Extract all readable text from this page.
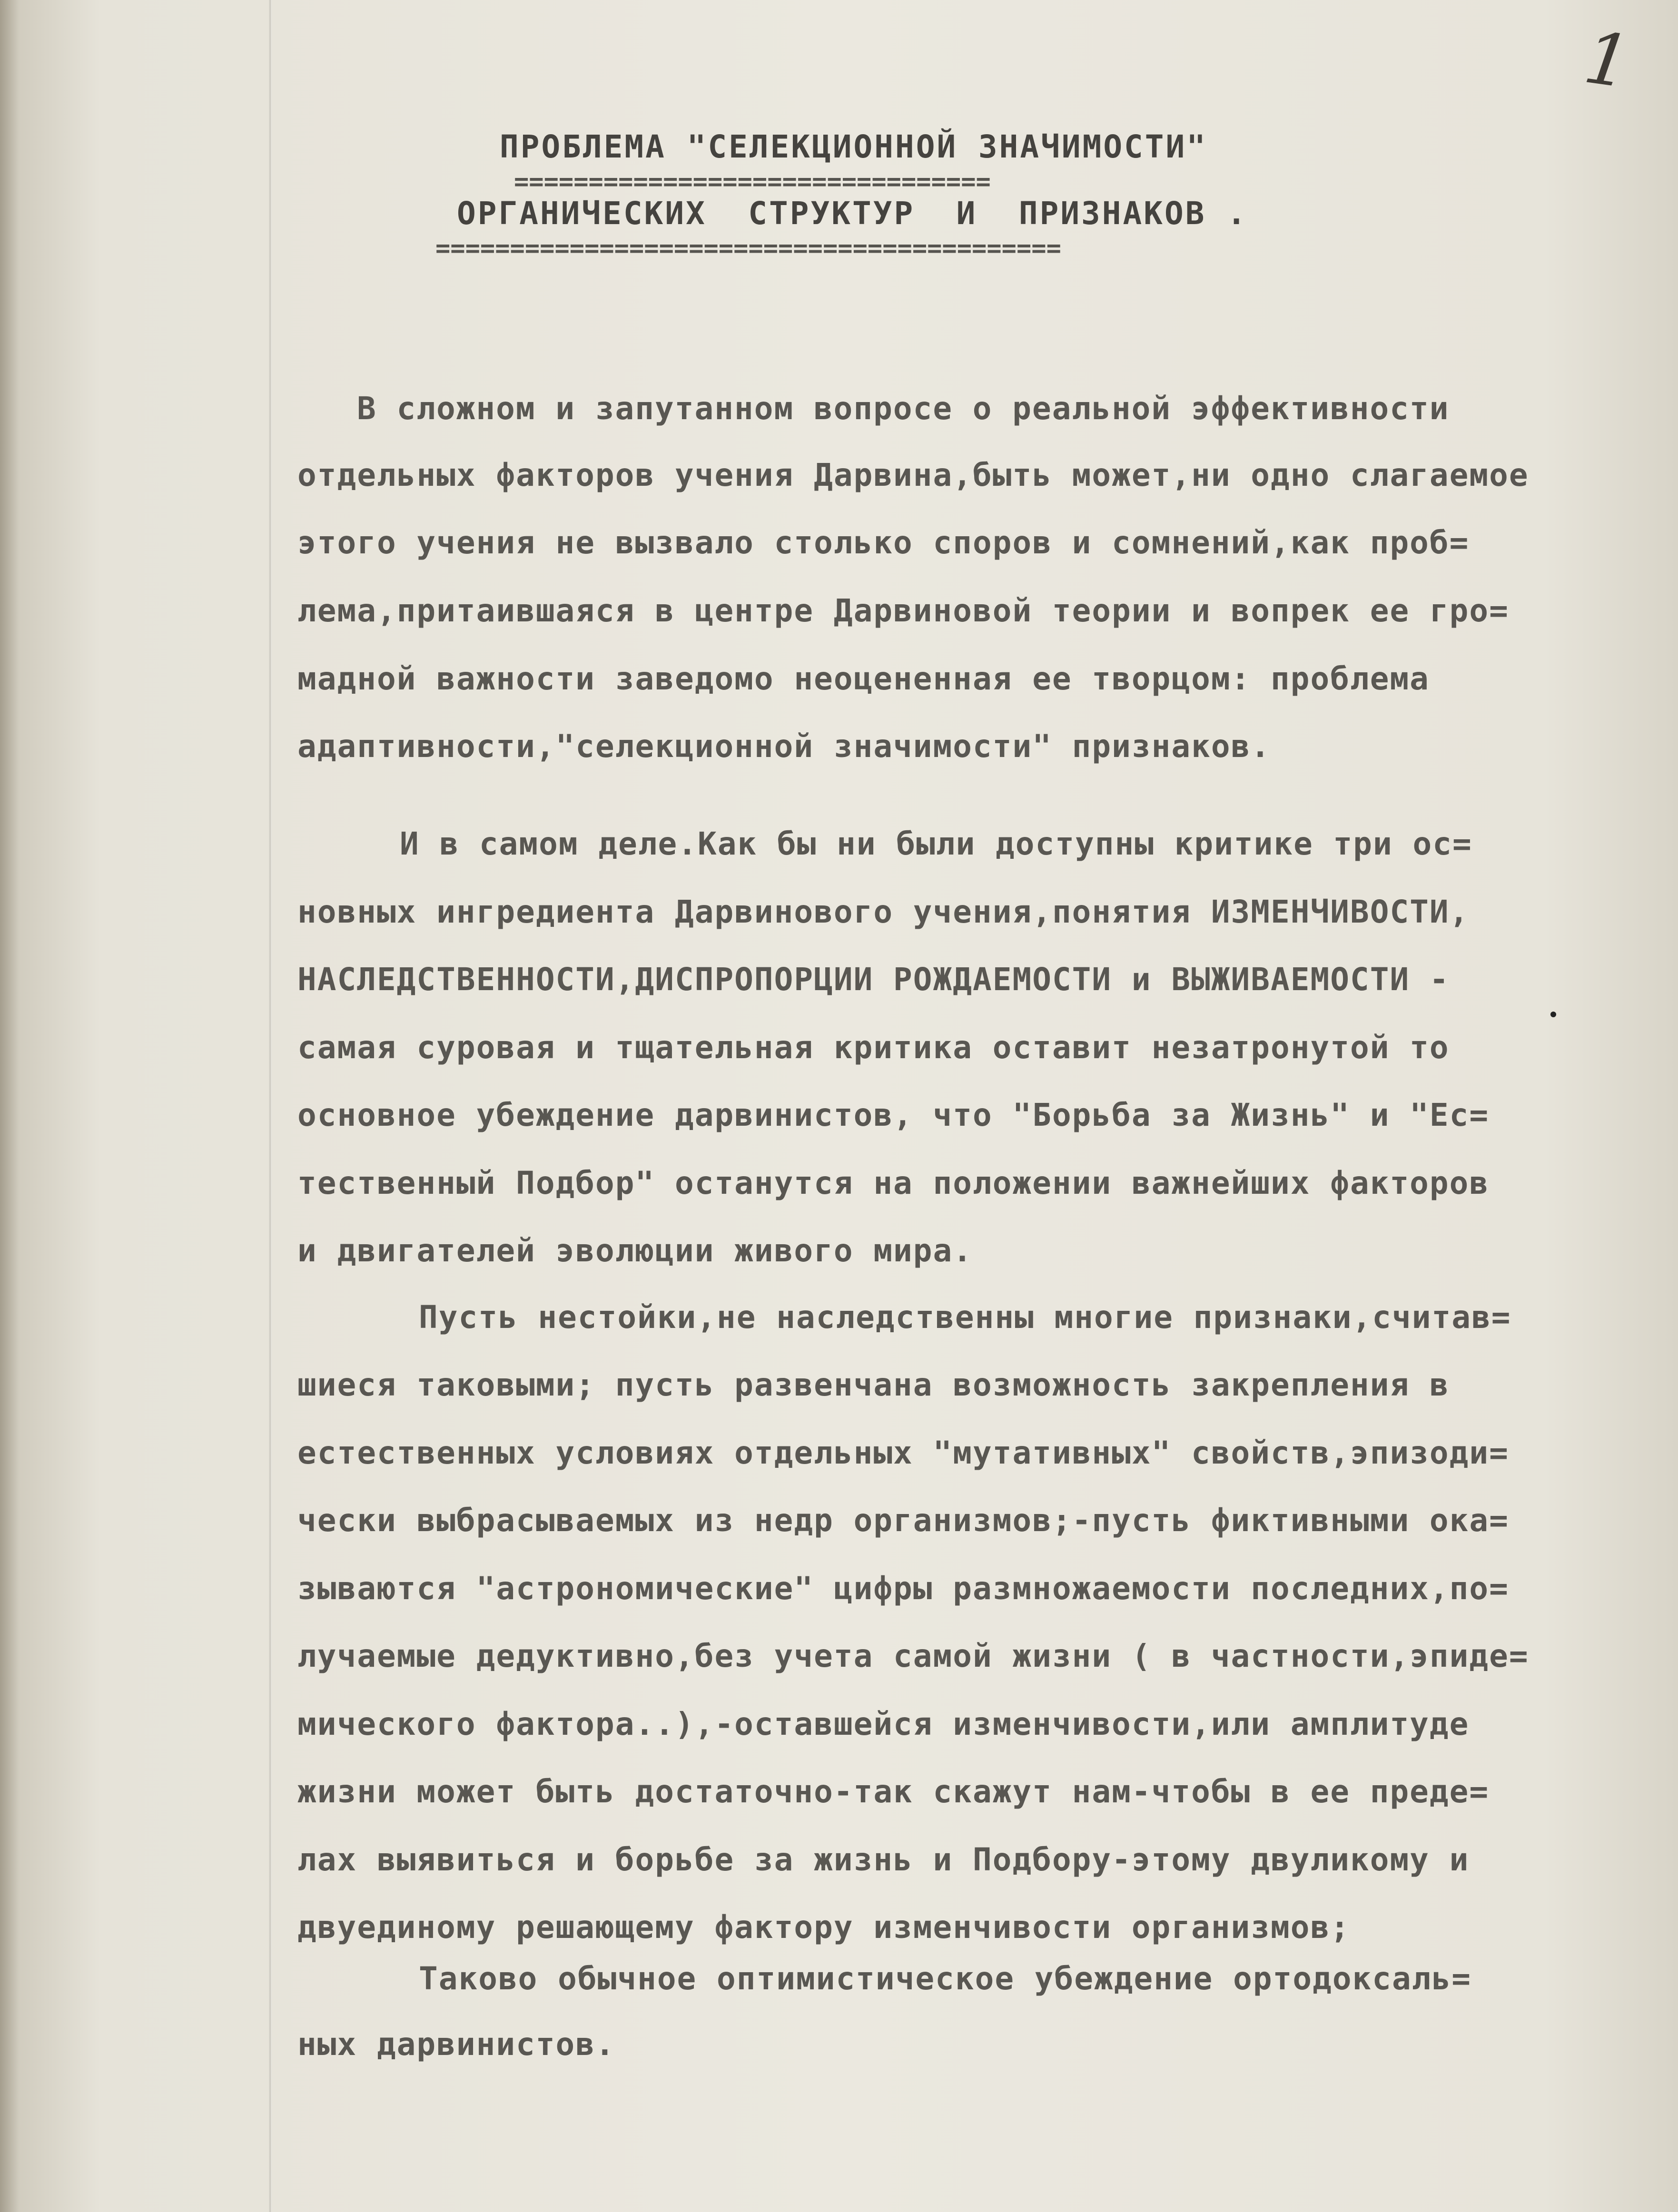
1
ПРОБЛЕМА "СЕЛЕКЦИОННОЙ ЗНАЧИМОСТИ"
================================
ОРГАНИЧЕСКИХ  СТРУКТУР  И  ПРИЗНАКОВ .
==========================================
В сложном и запутанном вопросе о реальной эффективности
отдельных факторов учения Дарвина,быть может,ни одно слагаемое
этого учения не вызвало столько споров и сомнений,как проб=
лема,притаившаяся в центре Дарвиновой теории и вопрек ее гро=
мадной важности заведомо неоцененная ее творцом: проблема
адаптивности,"селекционной значимости" признаков.
И в самом деле.Как бы ни были доступны критике три ос=
новных ингредиента Дарвинового учения,понятия ИЗМЕНЧИВОСТИ,
НАСЛЕДСТВЕННОСТИ,ДИСПРОПОРЦИИ РОЖДАЕМОСТИ и ВЫЖИВАЕМОСТИ -
самая суровая и тщательная критика оставит незатронутой то
основное убеждение дарвинистов, что "Борьба за Жизнь" и "Ес=
тественный Подбор" останутся на положении важнейших факторов
и двигателей эволюции живого мира.
Пусть нестойки,не наследственны многие признаки,считав=
шиеся таковыми; пусть развенчана возможность закрепления в
естественных условиях отдельных "мутативных" свойств,эпизоди=
чески выбрасываемых из недр организмов;-пусть фиктивными ока=
зываются "астрономические" цифры размножаемости последних,по=
лучаемые дедуктивно,без учета самой жизни ( в частности,эпиде=
мического фактора..),-оставшейся изменчивости,или амплитуде
жизни может быть достаточно-так скажут нам-чтобы в ее преде=
лах выявиться и борьбе за жизнь и Подбору-этому двуликому и
двуединому решающему фактору изменчивости организмов;
Таково обычное оптимистическое убеждение ортодоксаль=
ных дарвинистов.
